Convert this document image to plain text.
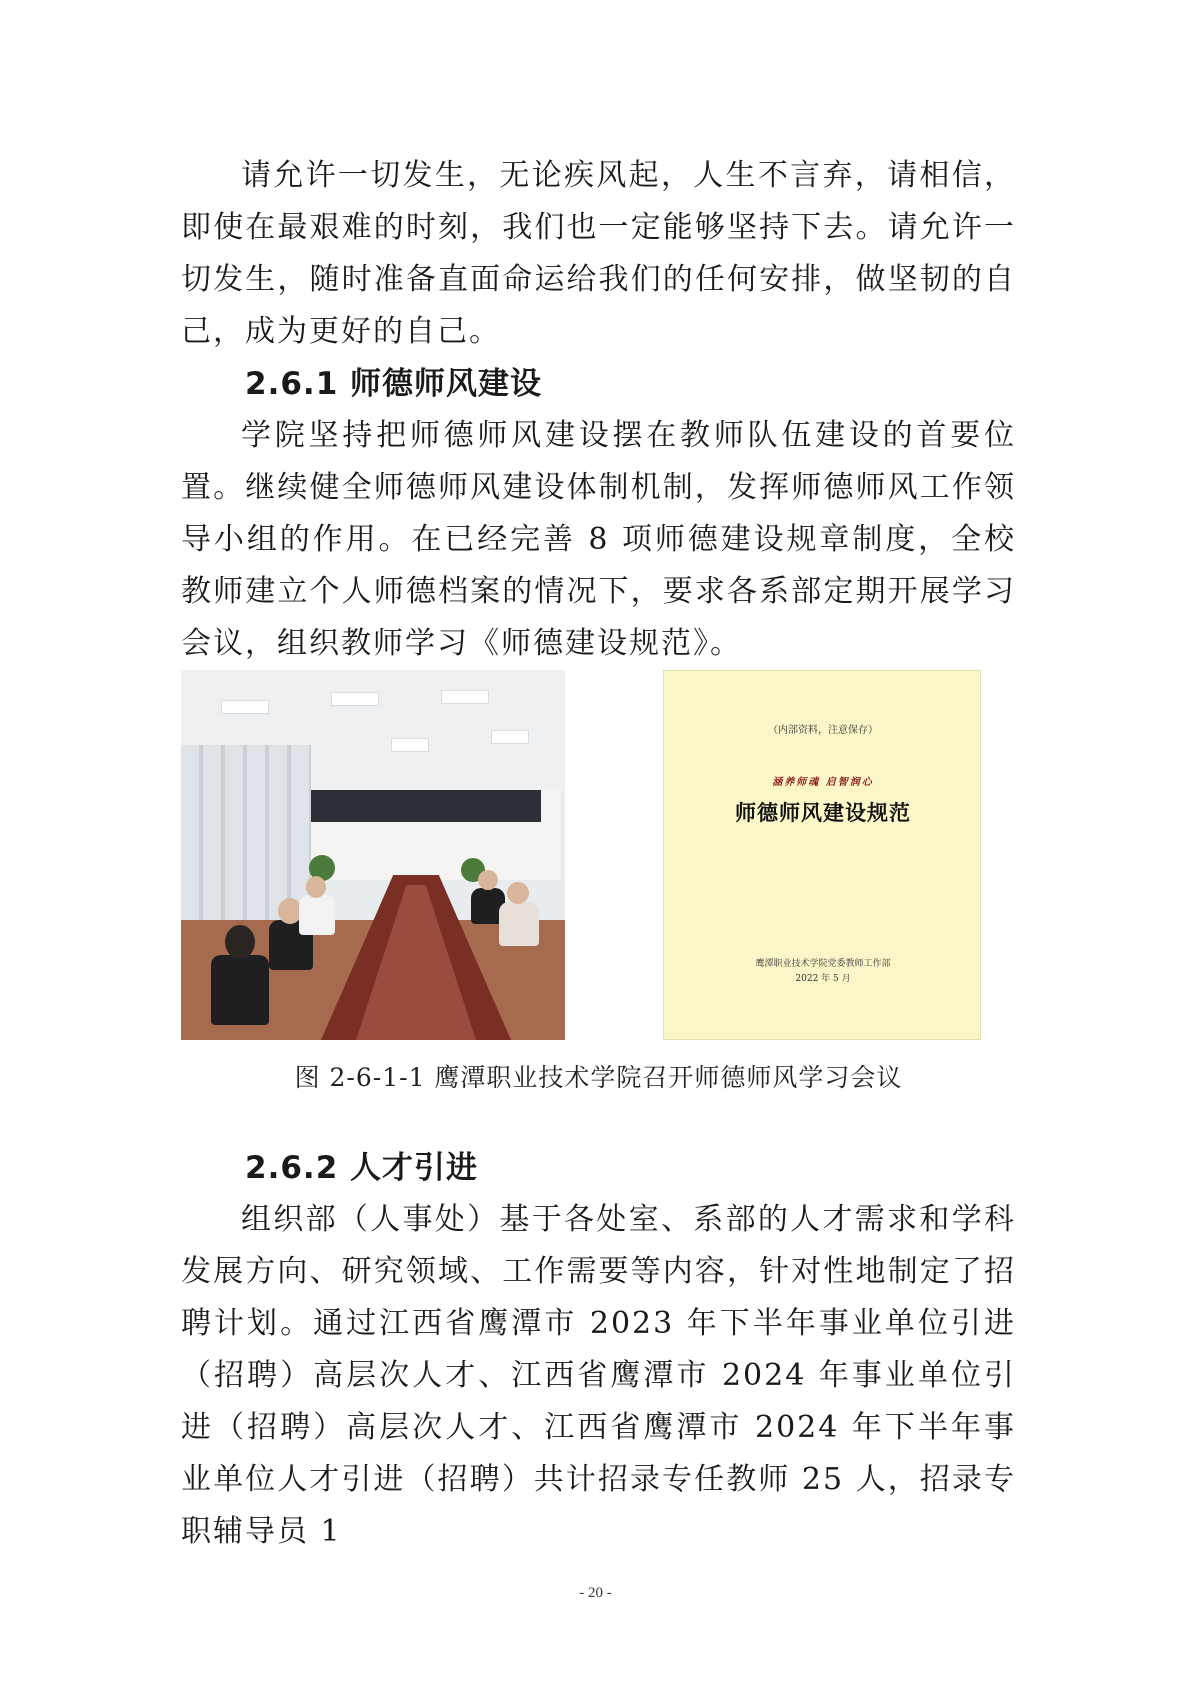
请允许一切发生，无论疾风起，人生不言弃，请相信，即使在最艰难的时刻，我们也一定能够坚持下去。请允许一切发生，随时准备直面命运给我们的任何安排，做坚韧的自己，成为更好的自己。

2.6.1 师德师风建设

学院坚持把师德师风建设摆在教师队伍建设的首要位置。继续健全师德师风建设体制机制，发挥师德师风工作领导小组的作用。在已经完善 8 项师德建设规章制度，全校教师建立个人师德档案的情况下，要求各系部定期开展学习会议，组织教师学习《师德建设规范》。

（内部资料，注意保存）
涵养师魂 启智润心
师德师风建设规范
鹰潭职业技术学院党委教师工作部
2022 年 5 月
图 2-6-1-1 鹰潭职业技术学院召开师德师风学习会议
2.6.2 人才引进

组织部（人事处）基于各处室、系部的人才需求和学科发展方向、研究领域、工作需要等内容，针对性地制定了招聘计划。通过江西省鹰潭市 2023 年下半年事业单位引进（招聘）高层次人才、江西省鹰潭市 2024 年事业单位引进（招聘）高层次人才、江西省鹰潭市 2024 年下半年事业单位人才引进（招聘）共计招录专任教师 25 人，招录专职辅导员 1

- 20 -
